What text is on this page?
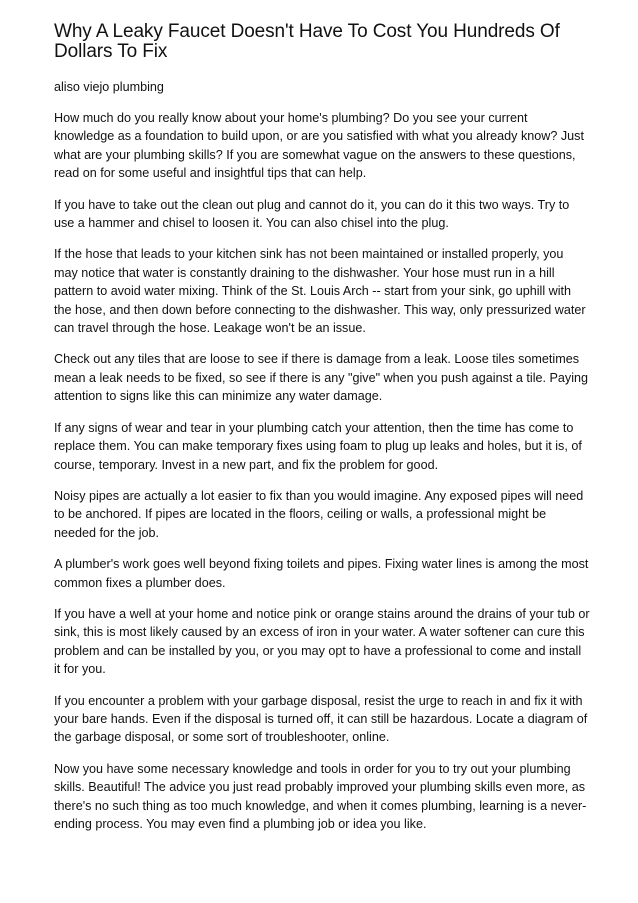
Why A Leaky Faucet Doesn't Have To Cost You Hundreds Of Dollars To Fix

aliso viejo plumbing

How much do you really know about your home's plumbing? Do you see your current knowledge as a foundation to build upon, or are you satisfied with what you already know? Just what are your plumbing skills? If you are somewhat vague on the answers to these questions, read on for some useful and insightful tips that can help.

If you have to take out the clean out plug and cannot do it, you can do it this two ways. Try to use a hammer and chisel to loosen it. You can also chisel into the plug.

If the hose that leads to your kitchen sink has not been maintained or installed properly, you may notice that water is constantly draining to the dishwasher. Your hose must run in a hill pattern to avoid water mixing. Think of the St. Louis Arch -- start from your sink, go uphill with the hose, and then down before connecting to the dishwasher. This way, only pressurized water can travel through the hose. Leakage won't be an issue.

Check out any tiles that are loose to see if there is damage from a leak. Loose tiles sometimes mean a leak needs to be fixed, so see if there is any "give" when you push against a tile. Paying attention to signs like this can minimize any water damage.

If any signs of wear and tear in your plumbing catch your attention, then the time has come to replace them. You can make temporary fixes using foam to plug up leaks and holes, but it is, of course, temporary. Invest in a new part, and fix the problem for good.

Noisy pipes are actually a lot easier to fix than you would imagine. Any exposed pipes will need to be anchored. If pipes are located in the floors, ceiling or walls, a professional might be needed for the job.

A plumber's work goes well beyond fixing toilets and pipes. Fixing water lines is among the most common fixes a plumber does.

If you have a well at your home and notice pink or orange stains around the drains of your tub or sink, this is most likely caused by an excess of iron in your water. A water softener can cure this problem and can be installed by you, or you may opt to have a professional to come and install it for you.

If you encounter a problem with your garbage disposal, resist the urge to reach in and fix it with your bare hands. Even if the disposal is turned off, it can still be hazardous. Locate a diagram of the garbage disposal, or some sort of troubleshooter, online.

Now you have some necessary knowledge and tools in order for you to try out your plumbing skills. Beautiful! The advice you just read probably improved your plumbing skills even more, as there's no such thing as too much knowledge, and when it comes plumbing, learning is a never-ending process. You may even find a plumbing job or idea you like.
